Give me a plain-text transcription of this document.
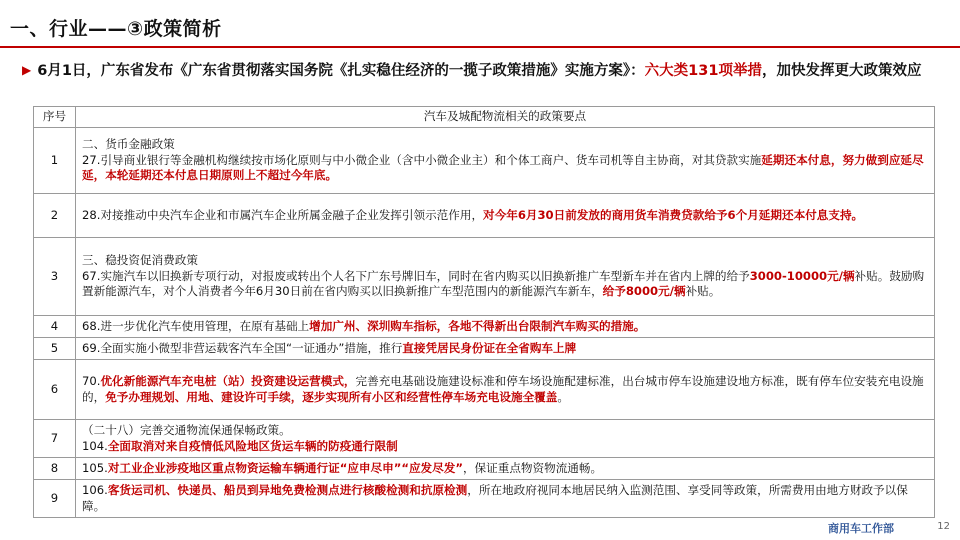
一、行业——③政策简析
▶ 6月1日，广东省发布《广东省贯彻落实国务院《扎实稳住经济的一揽子政策措施》实施方案》：六大类131项举措，加快发挥更大政策效应
序号	汽车及城配物流相关的政策要点
1	二、货币金融政策
27.引导商业银行等金融机构继续按市场化原则与中小微企业（含中小微企业主）和个体工商户、货车司机等自主协商，对其贷款实施延期还本付息，努力做到应延尽延，本轮延期还本付息日期原则上不超过今年底。
2	28.对接推动中央汽车企业和市属汽车企业所属金融子企业发挥引领示范作用，对今年6月30日前发放的商用货车消费贷款给予6个月延期还本付息支持。
3	三、稳投资促消费政策
67.实施汽车以旧换新专项行动，对报废或转出个人名下广东号牌旧车，同时在省内购买以旧换新推广车型新车并在省内上牌的给予3000-10000元/辆补贴。鼓励购置新能源汽车，对个人消费者今年6月30日前在省内购买以旧换新推广车型范围内的新能源汽车新车，给予8000元/辆补贴。
4	68.进一步优化汽车使用管理，在原有基础上增加广州、深圳购车指标，各地不得新出台限制汽车购买的措施。
5	69.全面实施小微型非营运载客汽车全国“一证通办”措施，推行直接凭居民身份证在全省购车上牌
6	70.优化新能源汽车充电桩（站）投资建设运营模式，完善充电基础设施建设标准和停车场设施配建标准，出台城市停车设施建设地方标准，既有停车位安装充电设施的，免予办理规划、用地、建设许可手续，逐步实现所有小区和经营性停车场充电设施全覆盖。
7	（二十八）完善交通物流保通保畅政策。
104.全面取消对来自疫情低风险地区货运车辆的防疫通行限制
8	105.对工业企业涉疫地区重点物资运输车辆通行证“应申尽申”“应发尽发”，保证重点物资物流通畅。
9	106.客货运司机、快递员、船员到异地免费检测点进行核酸检测和抗原检测，所在地政府视同本地居民纳入监测范围、享受同等政策，所需费用由地方财政予以保障。
商用车工作部	12
